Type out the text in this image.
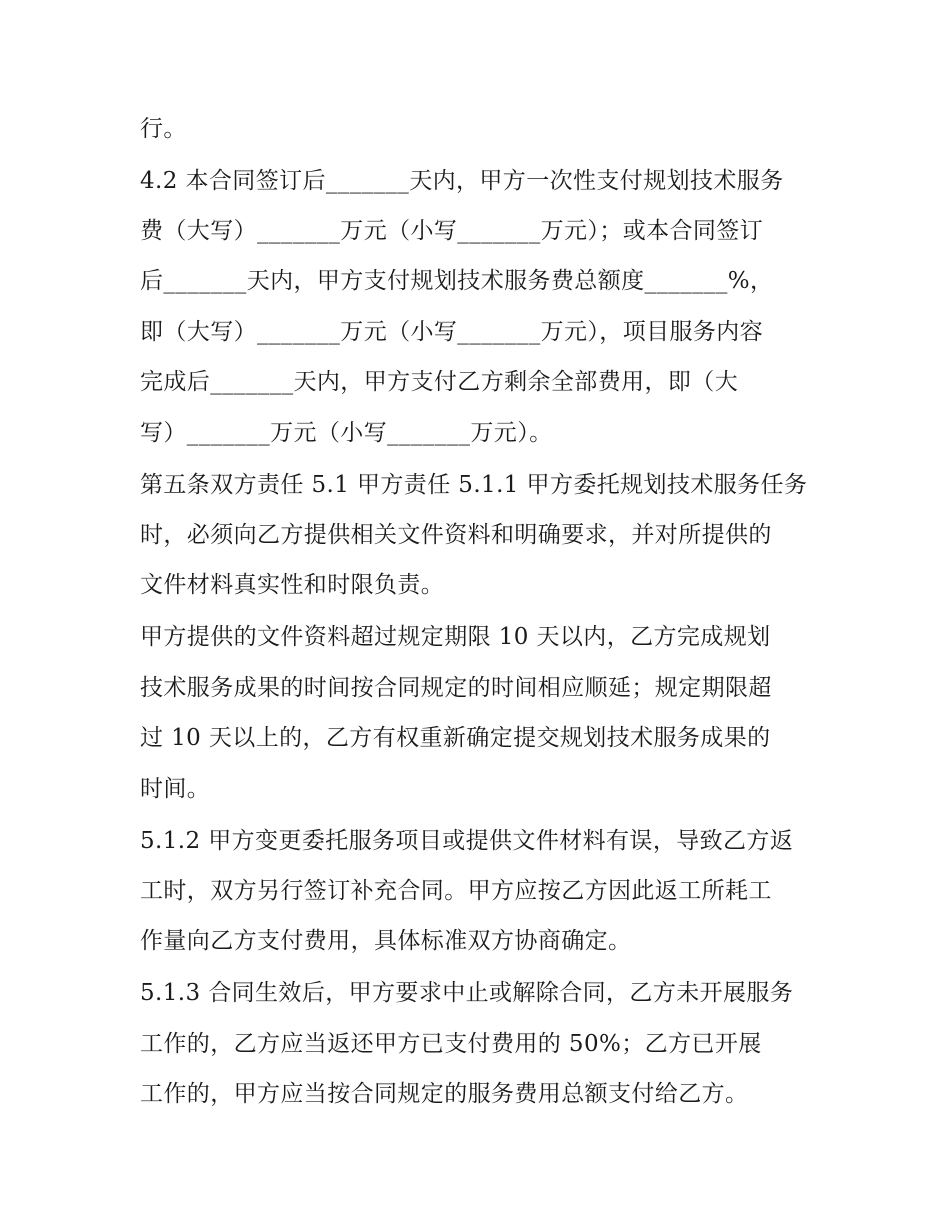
行。
4.2 本合同签订后_______天内，甲方一次性支付规划技术服务
费（大写）_______万元（小写_______万元）；或本合同签订
后_______天内，甲方支付规划技术服务费总额度_______%，
即（大写）_______万元（小写_______万元），项目服务内容
完成后_______天内，甲方支付乙方剩余全部费用，即（大
写）_______万元（小写_______万元）。
第五条双方责任 5.1 甲方责任 5.1.1 甲方委托规划技术服务任务
时，必须向乙方提供相关文件资料和明确要求，并对所提供的
文件材料真实性和时限负责。
甲方提供的文件资料超过规定期限 10 天以内，乙方完成规划
技术服务成果的时间按合同规定的时间相应顺延；规定期限超
过 10 天以上的，乙方有权重新确定提交规划技术服务成果的
时间。
5.1.2 甲方变更委托服务项目或提供文件材料有误，导致乙方返
工时，双方另行签订补充合同。甲方应按乙方因此返工所耗工
作量向乙方支付费用，具体标准双方协商确定。
5.1.3 合同生效后，甲方要求中止或解除合同，乙方未开展服务
工作的，乙方应当返还甲方已支付费用的 50%；乙方已开展
工作的，甲方应当按合同规定的服务费用总额支付给乙方。
